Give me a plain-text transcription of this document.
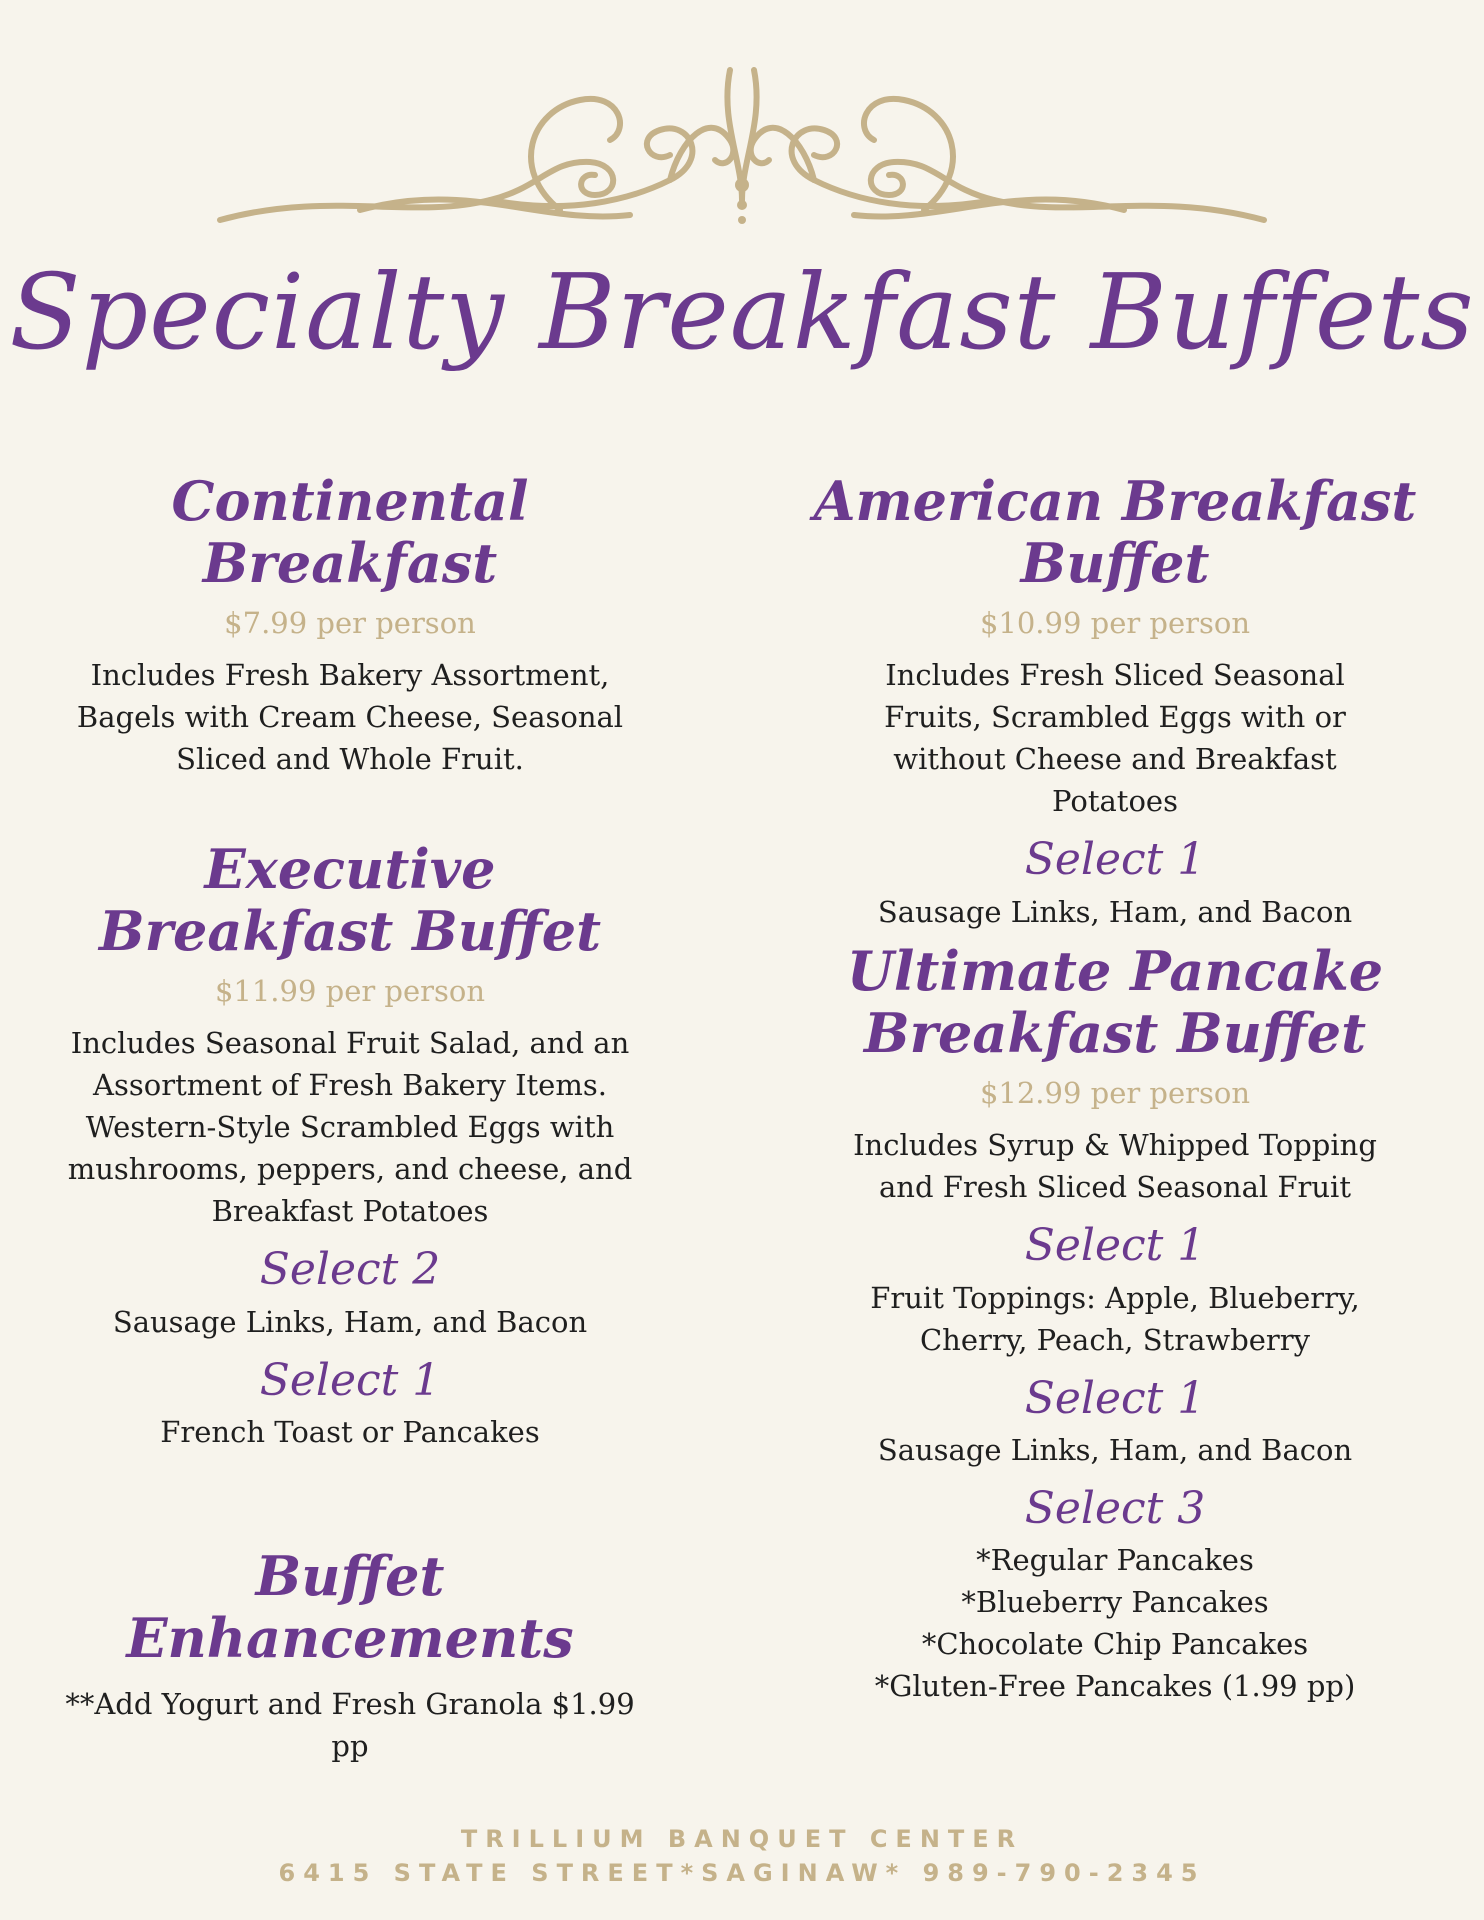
Specialty Breakfast Buffets
Continental Breakfast
$7.99 per person

Includes Fresh Bakery Assortment, Bagels with Cream Cheese, Seasonal Sliced and Whole Fruit.

Executive Breakfast Buffet
$11.99 per person

Includes Seasonal Fruit Salad, and an Assortment of Fresh Bakery Items. Western-Style Scrambled Eggs with mushrooms, peppers, and cheese, and Breakfast Potatoes

Select 2

Sausage Links, Ham, and Bacon

Select 1

French Toast or Pancakes

Buffet Enhancements

**Add Yogurt and Fresh Granola $1.99 pp

American Breakfast Buffet
$10.99 per person

Includes Fresh Sliced Seasonal Fruits, Scrambled Eggs with or without Cheese and Breakfast Potatoes

Select 1

Sausage Links, Ham, and Bacon

Ultimate Pancake Breakfast Buffet
$12.99 per person

Includes Syrup & Whipped Topping and Fresh Sliced Seasonal Fruit

Select 1

Fruit Toppings: Apple, Blueberry, Cherry, Peach, Strawberry

Select 1

Sausage Links, Ham, and Bacon

Select 3

*Regular Pancakes

*Blueberry Pancakes

*Chocolate Chip Pancakes

*Gluten-Free Pancakes (1.99 pp)

TRILLIUM BANQUET CENTER
6415 STATE STREET*SAGINAW* 989-790-2345
